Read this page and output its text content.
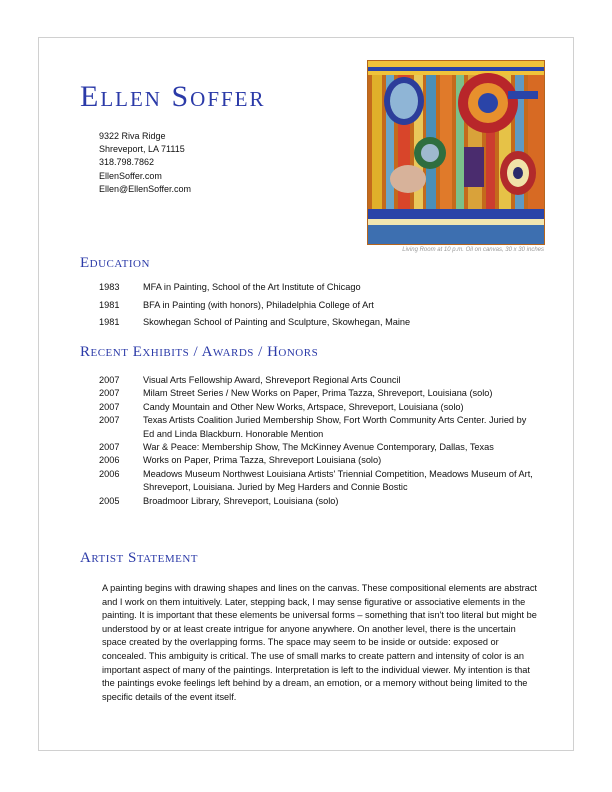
Ellen Soffer
9322 Riva Ridge
Shreveport, LA 71115
318.798.7862
EllenSoffer.com
Ellen@EllenSoffer.com
Living Room at 10 p.m. Oil on canvas, 30 x 30 inches
Education
1983	MFA in Painting, School of the Art Institute of Chicago
1981	BFA in Painting (with honors), Philadelphia College of Art
1981	Skowhegan School of Painting and Sculpture, Skowhegan, Maine
Recent Exhibits / Awards / Honors
2007	Visual Arts Fellowship Award, Shreveport Regional Arts Council
2007	Milam Street Series / New Works on Paper, Prima Tazza, Shreveport, Louisiana (solo)
2007	Candy Mountain and Other New Works, Artspace, Shreveport, Louisiana (solo)
2007	Texas Artists Coalition Juried Membership Show, Fort Worth Community Arts Center. Juried by Ed and Linda Blackburn. Honorable Mention
2007	War & Peace: Membership Show, The McKinney Avenue Contemporary, Dallas, Texas
2006	Works on Paper, Prima Tazza, Shreveport Louisiana (solo)
2006	Meadows Museum Northwest Louisiana Artists' Triennial Competition, Meadows Museum of Art, Shreveport, Louisiana. Juried by Meg Harders and Connie Bostic
2005	Broadmoor Library, Shreveport, Louisiana (solo)
Artist Statement

A painting begins with drawing shapes and lines on the canvas. These compositional elements are abstract and I work on them intuitively. Later, stepping back, I may sense figurative or associative elements in the painting. It is important that these elements be universal forms – something that isn't too literal but might be understood by or at least create intrigue for anyone anywhere. On another level, there is the uncertain space created by the overlapping forms. The space may seem to be inside or outside: exposed or concealed. This ambiguity is critical. The use of small marks to create pattern and intensity of color is an important aspect of many of the paintings. Interpretation is left to the individual viewer. My intention is that the paintings evoke feelings left behind by a dream, an emotion, or a memory without being limited to the specific details of the event itself.
